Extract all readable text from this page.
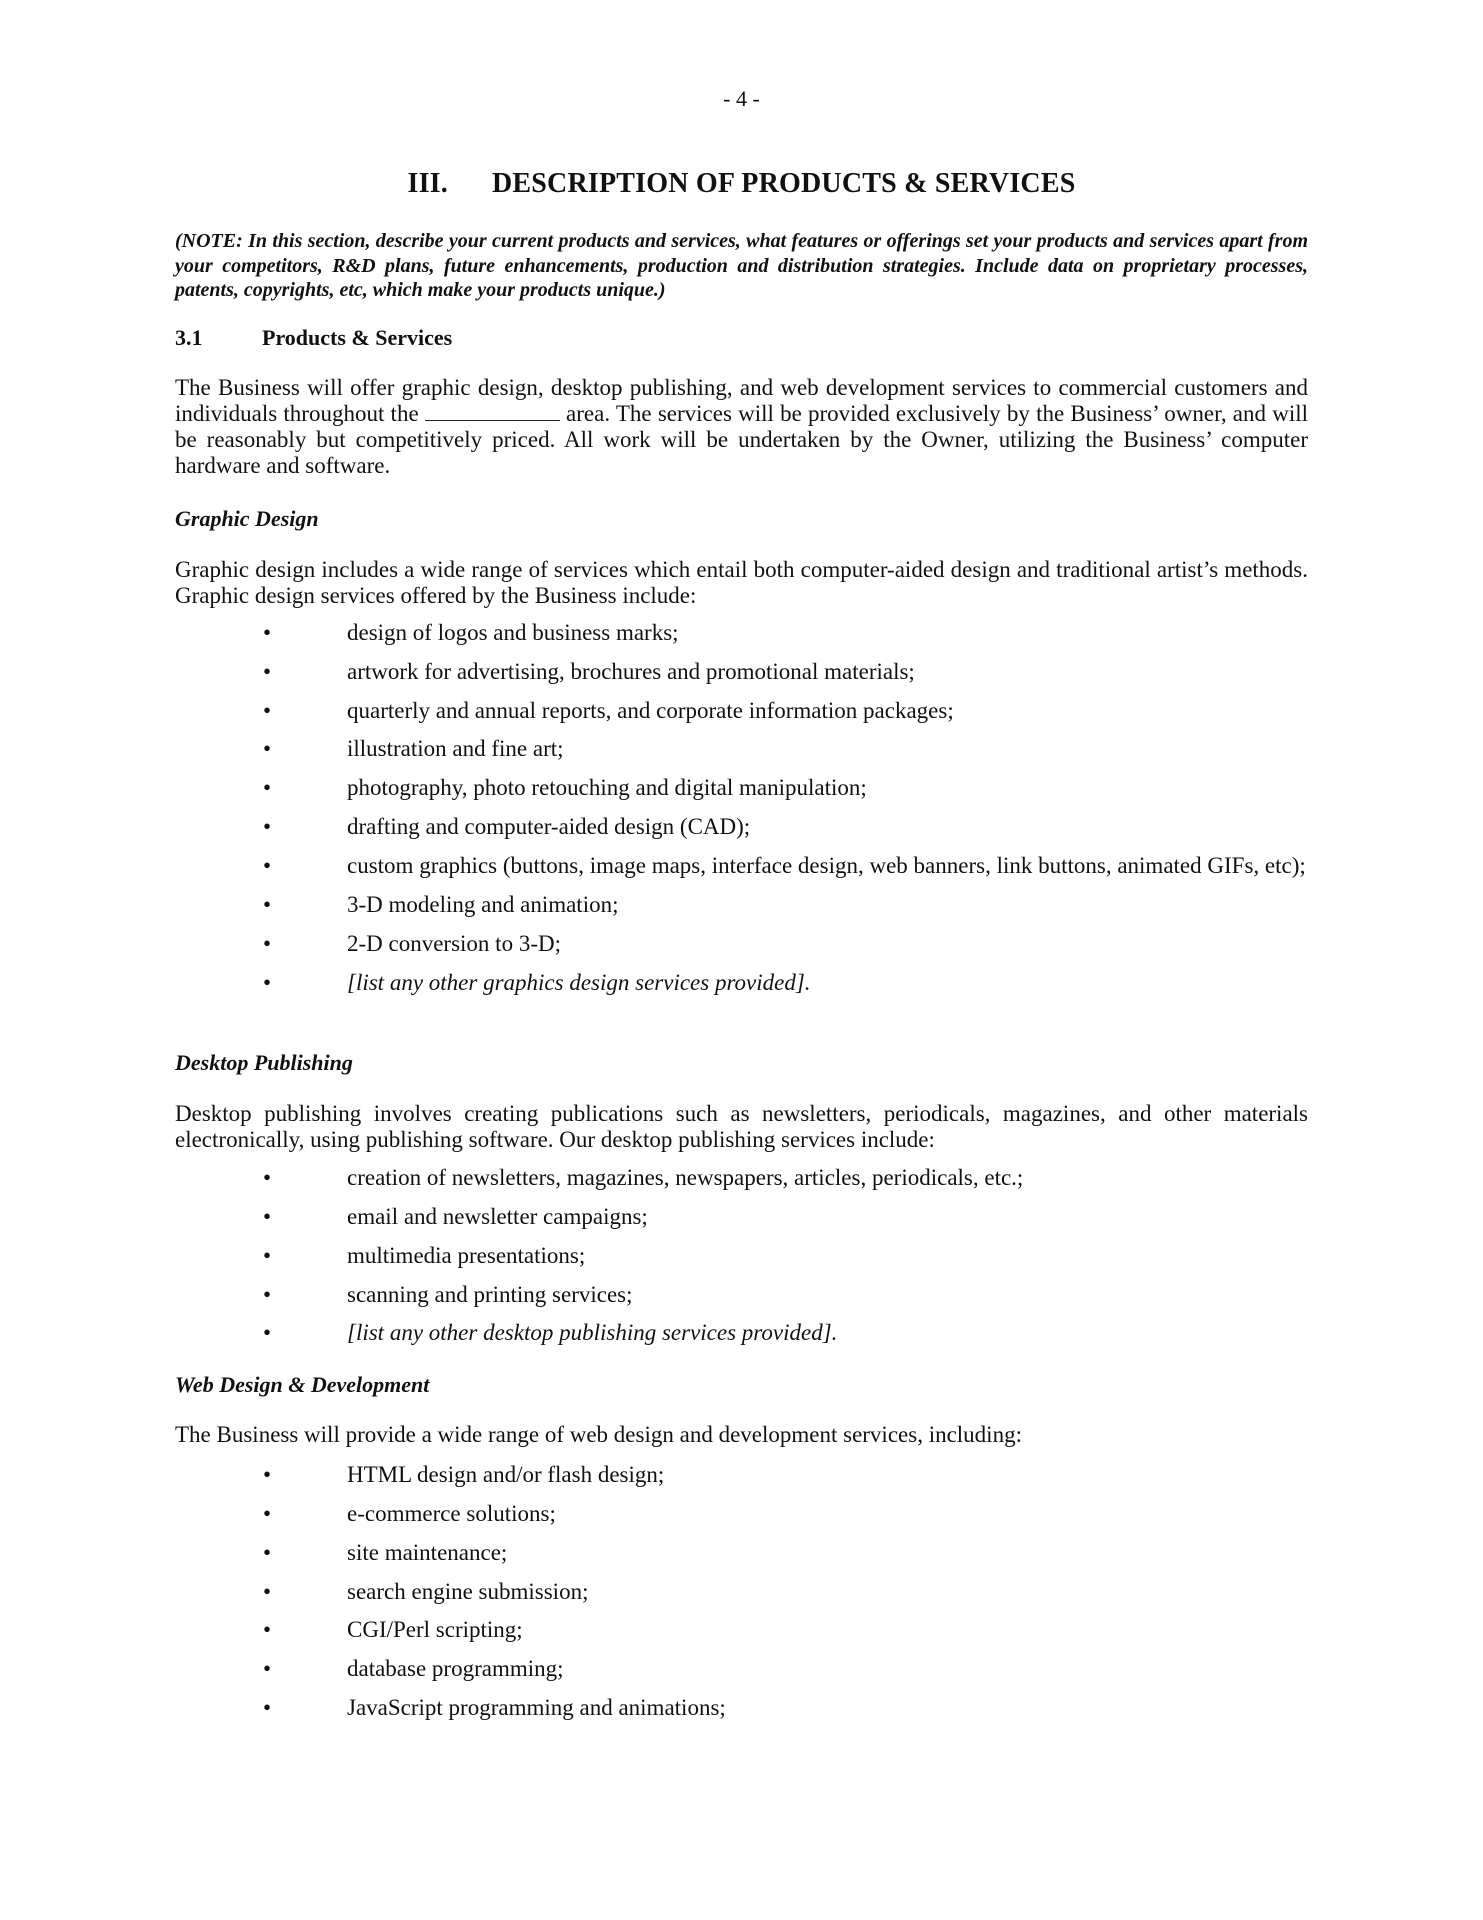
- 4 -
III. DESCRIPTION OF PRODUCTS & SERVICES
(NOTE: In this section, describe your current products and services, what features or offerings set your products and services apart from your competitors, R&D plans, future enhancements, production and distribution strategies. Include data on proprietary processes, patents, copyrights, etc, which make your products unique.)
3.1	Products & Services
The Business will offer graphic design, desktop publishing, and web development services to commercial customers and individuals throughout the	area. The services will be provided exclusively by the Business’ owner, and will be reasonably but competitively priced. All work will be undertaken by the Owner, utilizing the Business’ computer hardware and software.
Graphic Design
Graphic design includes a wide range of services which entail both computer-aided design and traditional artist’s methods. Graphic design services offered by the Business include:
•	design of logos and business marks;
•	artwork for advertising, brochures and promotional materials;
•	quarterly and annual reports, and corporate information packages;
•	illustration and fine art;
•	photography, photo retouching and digital manipulation;
•	drafting and computer-aided design (CAD);
•	custom graphics (buttons, image maps, interface design, web banners, link buttons, animated GIFs, etc);
•	3-D modeling and animation;
•	2-D conversion to 3-D;
•	[list any other graphics design services provided].
Desktop Publishing
Desktop publishing involves creating publications such as newsletters, periodicals, magazines, and other materials electronically, using publishing software. Our desktop publishing services include:
•	creation of newsletters, magazines, newspapers, articles, periodicals, etc.;
•	email and newsletter campaigns;
•	multimedia presentations;
•	scanning and printing services;
•	[list any other desktop publishing services provided].
Web Design & Development
The Business will provide a wide range of web design and development services, including:
•	HTML design and/or flash design;
•	e-commerce solutions;
•	site maintenance;
•	search engine submission;
•	CGI/Perl scripting;
•	database programming;
•	JavaScript programming and animations;
